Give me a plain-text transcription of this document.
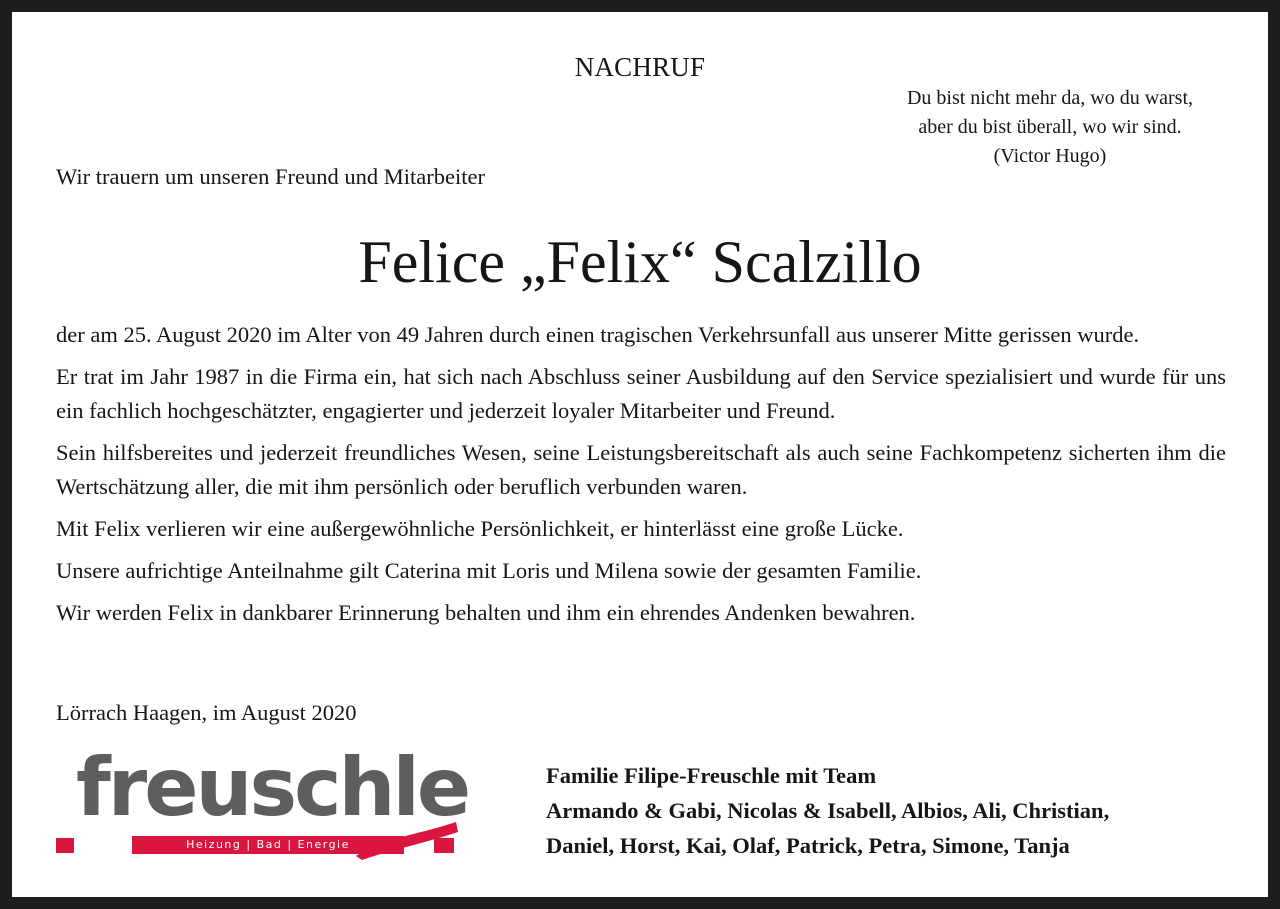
NACHRUF
Du bist nicht mehr da, wo du warst,
aber du bist überall, wo wir sind.
(Victor Hugo)
Wir trauern um unseren Freund und Mitarbeiter
Felice „Felix“ Scalzillo

der am 25. August 2020 im Alter von 49 Jahren durch einen tragischen Verkehrsunfall aus unserer Mitte gerissen wurde.

Er trat im Jahr 1987 in die Firma ein, hat sich nach Abschluss seiner Ausbildung auf den Service spezialisiert und wurde für uns ein fachlich hochgeschätzter, engagierter und jederzeit loyaler Mitarbeiter und Freund.

Sein hilfsbereites und jederzeit freundliches Wesen, seine Leistungsbereitschaft als auch seine Fachkompetenz sicherten ihm die Wertschätzung aller, die mit ihm persönlich oder beruflich verbunden waren.

Mit Felix verlieren wir eine außergewöhnliche Persönlichkeit, er hinterlässt eine große Lücke.

Unsere aufrichtige Anteilnahme gilt Caterina mit Loris und Milena sowie der gesamten Familie.

Wir werden Felix in dankbarer Erinnerung behalten und ihm ein ehrendes Andenken bewahren.

Lörrach Haagen, im August 2020
freuschle
Heizung | Bad | Energie
Familie Filipe-Freuschle mit Team
Armando & Gabi, Nicolas & Isabell, Albios, Ali, Christian,
Daniel, Horst, Kai, Olaf, Patrick, Petra, Simone, Tanja
